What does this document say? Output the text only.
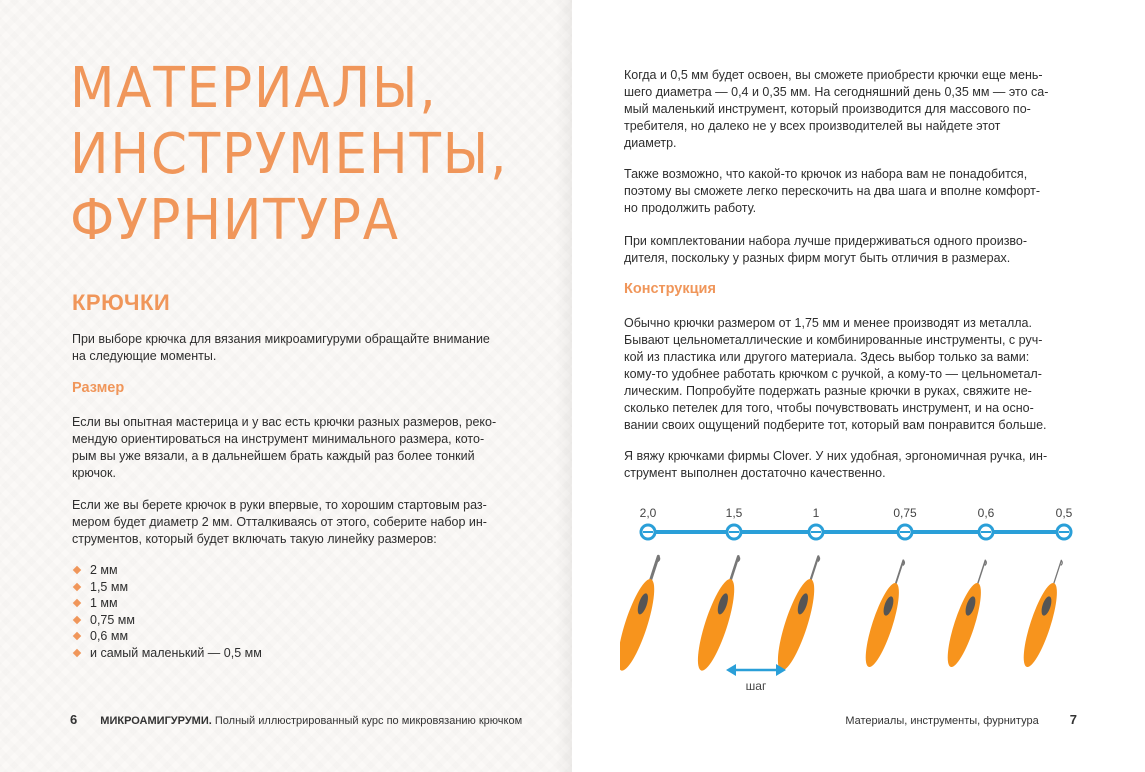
МАТЕРИАЛЫ,
ИНСТРУМЕНТЫ,
ФУРНИТУРА
КРЮЧКИ
При выборе крючка для вязания микроамигуруми обращайте внимание
на следующие моменты.
Размер
Если вы опытная мастерица и у вас есть крючки разных размеров, реко-
мендую ориентироваться на инструмент минимального размера, кото-
рым вы уже вязали, а в дальнейшем брать каждый раз более тонкий
крючок.
Если же вы берете крючок в руки впервые, то хорошим стартовым раз-
мером будет диаметр 2 мм. Отталкиваясь от этого, соберите набор ин-
струментов, который будет включать такую линейку размеров:
2 мм
1,5 мм
1 мм
0,75 мм
0,6 мм
и самый маленький — 0,5 мм
6 МИКРОАМИГУРУМИ. Полный иллюстрированный курс по микровязанию крючком
Когда и 0,5 мм будет освоен, вы сможете приобрести крючки еще мень-
шего диаметра — 0,4 и 0,35 мм. На сегодняшний день 0,35 мм — это са-
мый маленький инструмент, который производится для массового по-
требителя, но далеко не у всех производителей вы найдете этот
диаметр.
Также возможно, что какой-то крючок из набора вам не понадобится,
поэтому вы сможете легко перескочить на два шага и вполне комфорт-
но продолжить работу.
При комплектовании набора лучше придерживаться одного произво-
дителя, поскольку у разных фирм могут быть отличия в размерах.
Конструкция
Обычно крючки размером от 1,75 мм и менее производят из металла.
Бывают цельнометаллические и комбинированные инструменты, с руч-
кой из пластика или другого материала. Здесь выбор только за вами:
кому-то удобнее работать крючком с ручкой, а кому-то — цельнометал-
лическим. Попробуйте подержать разные крючки в руках, свяжите не-
сколько петелек для того, чтобы почувствовать инструмент, и на осно-
вании своих ощущений подберите тот, который вам понравится больше.
Я вяжу крючками фирмы Clover. У них удобная, эргономичная ручка, ин-
струмент выполнен достаточно качественно.
Материалы, инструменты, фурнитура 7
2,0	1,5	1	0,75	0,6	0,5
шаг
